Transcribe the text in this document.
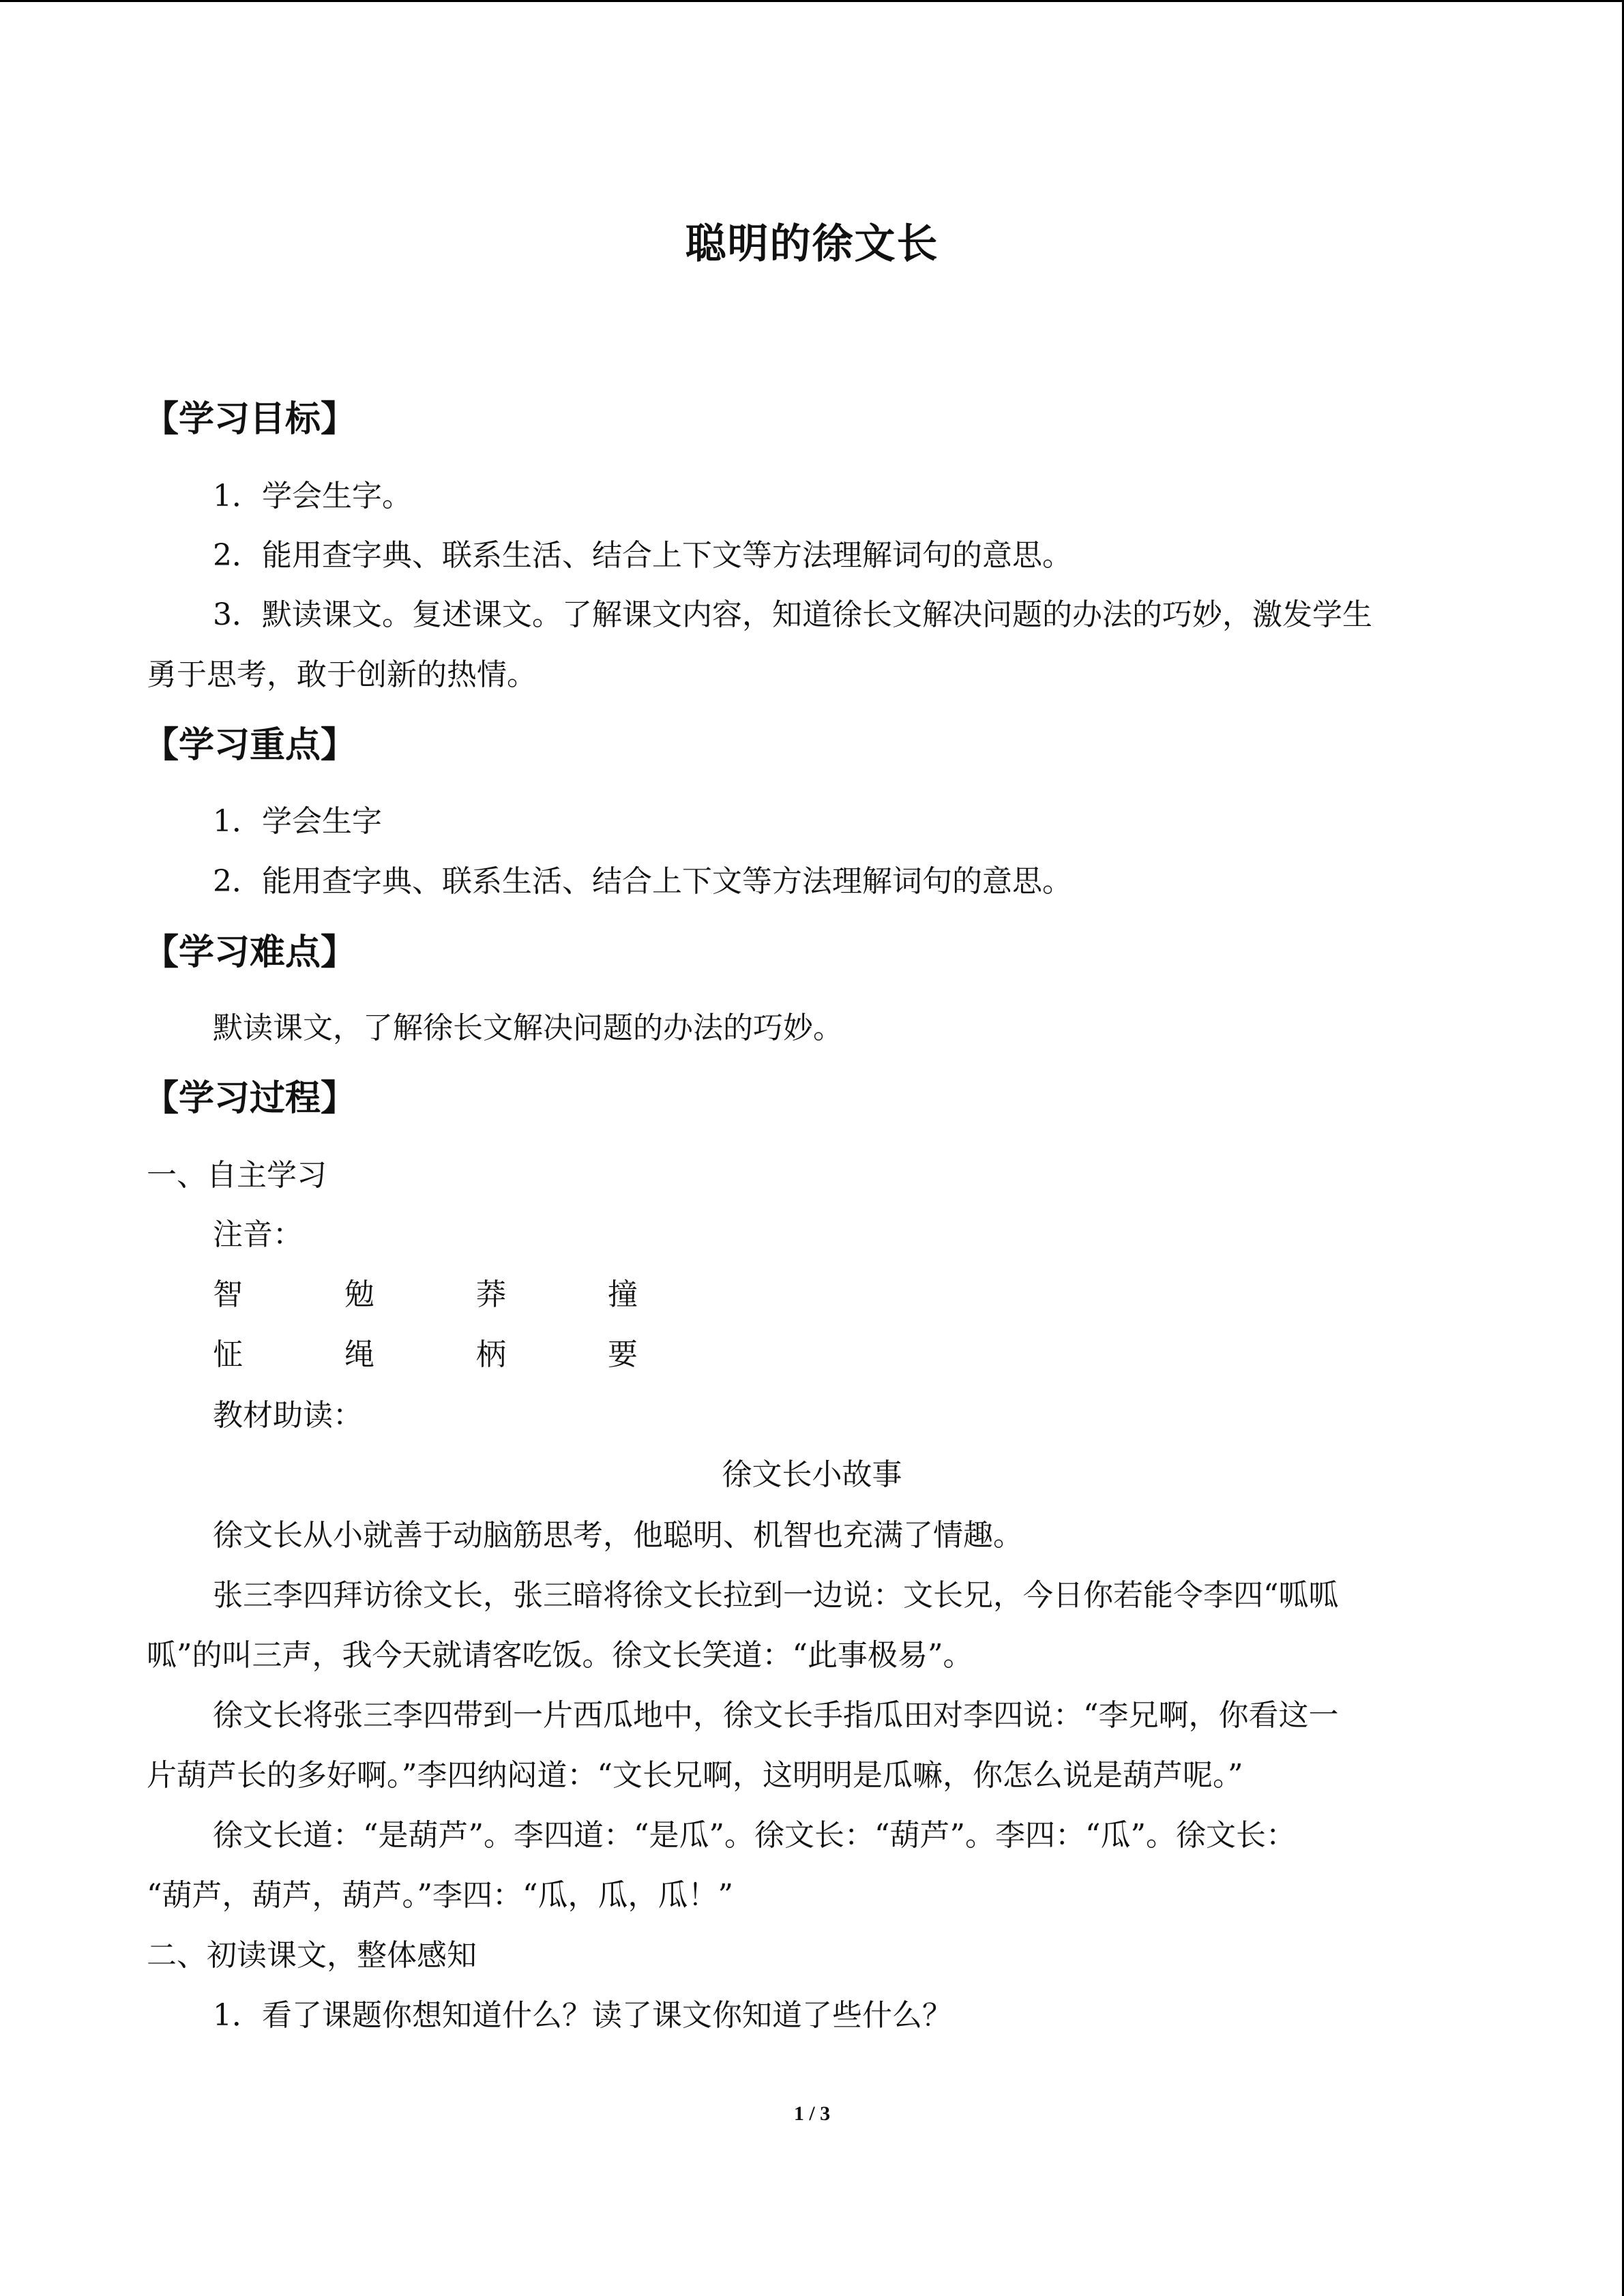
聪明的徐文长
【学习目标】
1．学会生字。
2．能用查字典、联系生活、结合上下文等方法理解词句的意思。
3．默读课文。复述课文。了解课文内容，知道徐长文解决问题的办法的巧妙，激发学生
勇于思考，敢于创新的热情。
【学习重点】
1．学会生字
2．能用查字典、联系生活、结合上下文等方法理解词句的意思。
【学习难点】
默读课文，了解徐长文解决问题的办法的巧妙。
【学习过程】
一、自主学习
注音：
智	勉	莽	撞
怔	绳	柄	要
教材助读：
徐文长小故事
徐文长从小就善于动脑筋思考，他聪明、机智也充满了情趣。
张三李四拜访徐文长，张三暗将徐文长拉到一边说：文长兄，今日你若能令李四“呱呱
呱”的叫三声，我今天就请客吃饭。徐文长笑道：“此事极易”。
徐文长将张三李四带到一片西瓜地中，徐文长手指瓜田对李四说：“李兄啊，你看这一
片葫芦长的多好啊。”李四纳闷道：“文长兄啊，这明明是瓜嘛，你怎么说是葫芦呢。”
徐文长道：“是葫芦”。李四道：“是瓜”。徐文长：“葫芦”。李四：“瓜”。徐文长：
“葫芦，葫芦，葫芦。”李四：“瓜，瓜，瓜！”
二、初读课文，整体感知
1．看了课题你想知道什么？读了课文你知道了些什么？
1 / 3
